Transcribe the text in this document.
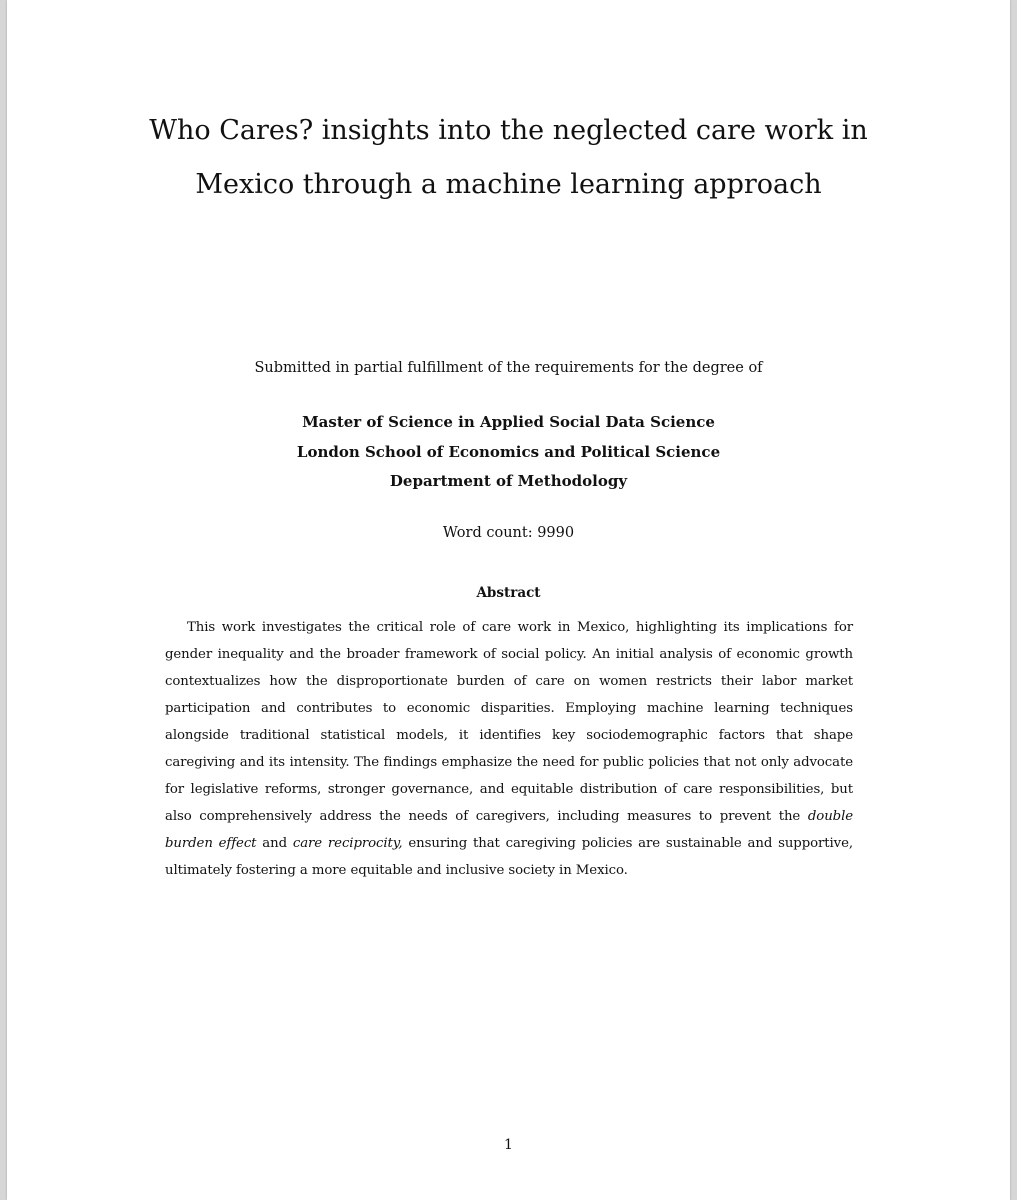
Who Cares? insights into the neglected care work in
Mexico through a machine learning approach
Submitted in partial fulfillment of the requirements for the degree of
Master of Science in Applied Social Data Science
London School of Economics and Political Science
Department of Methodology
Word count: 9990
Abstract

This work investigates the critical role of care work in Mexico, highlighting its implications for gender inequality and the broader framework of social policy. An initial analysis of economic growth contextualizes how the disproportionate burden of care on women restricts their labor market participation and contributes to economic disparities. Employing machine learning techniques alongside traditional statistical models, it identifies key sociodemographic factors that shape caregiving and its intensity. The findings emphasize the need for public policies that not only advocate for legislative reforms, stronger governance, and equitable distribution of care responsibilities, but also comprehensively address the needs of caregivers, including measures to prevent the double burden effect and care reciprocity, ensuring that caregiving policies are sustainable and supportive, ultimately fostering a more equitable and inclusive society in Mexico.

1
